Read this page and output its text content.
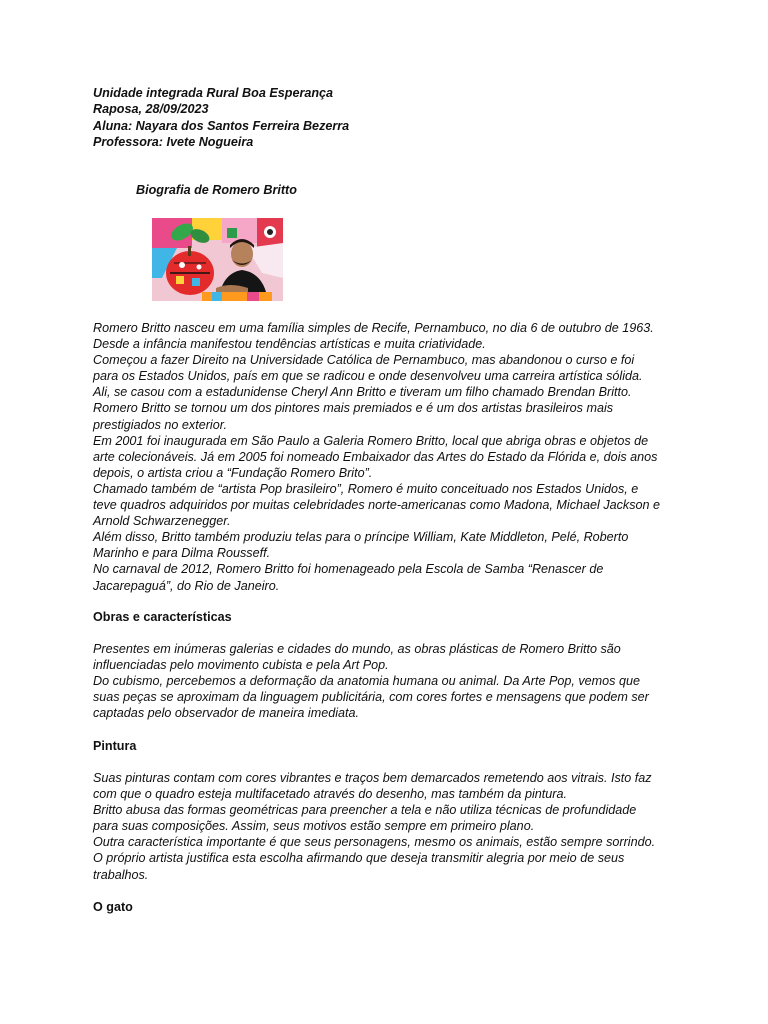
Unidade integrada Rural Boa Esperança
Raposa, 28/09/2023
Aluna: Nayara dos Santos Ferreira Bezerra
Professora: Ivete Nogueira
Biografia de Romero Britto

Romero Britto nasceu em uma família simples de Recife, Pernambuco, no dia 6 de outubro de 1963.

Desde a infância manifestou tendências artísticas e muita criatividade.

Começou a fazer Direito na Universidade Católica de Pernambuco, mas abandonou o curso e foi

para os Estados Unidos, país em que se radicou e onde desenvolveu uma carreira artística sólida.

Ali, se casou com a estadunidense Cheryl Ann Britto e tiveram um filho chamado Brendan Britto.

Romero Britto se tornou um dos pintores mais premiados e é um dos artistas brasileiros mais

prestigiados no exterior.

Em 2001 foi inaugurada em São Paulo a Galeria Romero Britto, local que abriga obras e objetos de

arte colecionáveis. Já em 2005 foi nomeado Embaixador das Artes do Estado da Flórida e, dois anos

depois, o artista criou a “Fundação Romero Brito”.

Chamado também de “artista Pop brasileiro”, Romero é muito conceituado nos Estados Unidos, e

teve quadros adquiridos por muitas celebridades norte-americanas como Madona, Michael Jackson e

Arnold Schwarzenegger.

Além disso, Britto também produziu telas para o príncipe William, Kate Middleton, Pelé, Roberto

Marinho e para Dilma Rousseff.

No carnaval de 2012, Romero Britto foi homenageado pela Escola de Samba “Renascer de

Jacarepaguá”, do Rio de Janeiro.

Obras e características

Presentes em inúmeras galerias e cidades do mundo, as obras plásticas de Romero Britto são

influenciadas pelo movimento cubista e pela Art Pop.

Do cubismo, percebemos a deformação da anatomia humana ou animal. Da Arte Pop, vemos que

suas peças se aproximam da linguagem publicitária, com cores fortes e mensagens que podem ser

captadas pelo observador de maneira imediata.

Pintura

Suas pinturas contam com cores vibrantes e traços bem demarcados remetendo aos vitrais. Isto faz

com que o quadro esteja multifacetado através do desenho, mas também da pintura.

Britto abusa das formas geométricas para preencher a tela e não utiliza técnicas de profundidade

para suas composições. Assim, seus motivos estão sempre em primeiro plano.

Outra característica importante é que seus personagens, mesmo os animais, estão sempre sorrindo.

O próprio artista justifica esta escolha afirmando que deseja transmitir alegria por meio de seus

trabalhos.

O gato
